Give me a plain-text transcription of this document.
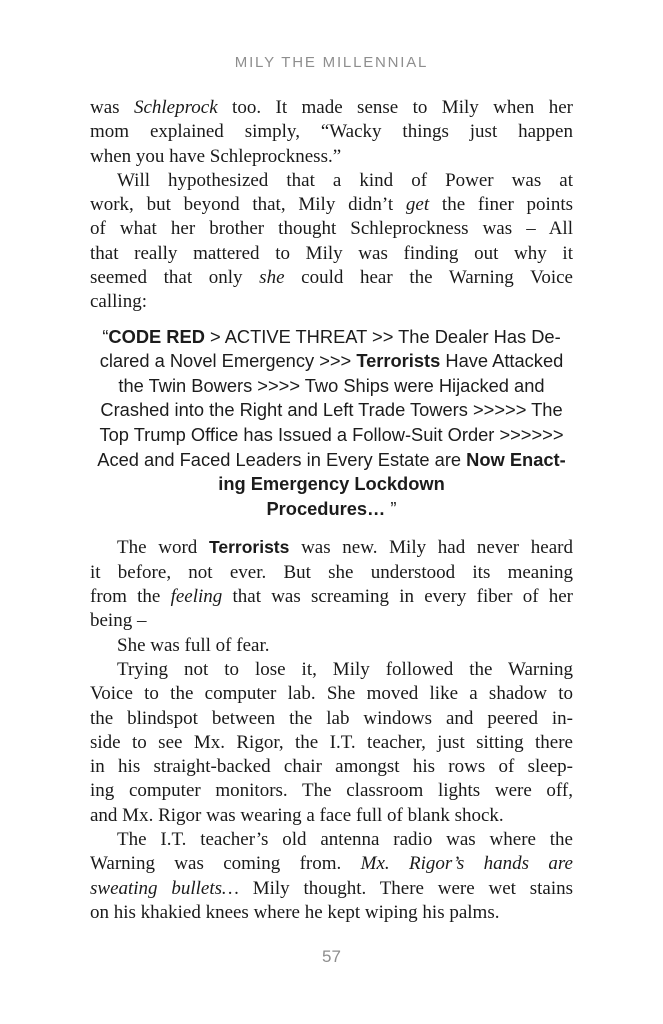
MILY THE MILLENNIAL
was Schleprock too. It made sense to Mily when her
mom explained simply, “Wacky things just happen
when you have Schleprockness.”
Will hypothesized that a kind of Power was at
work, but beyond that, Mily didn’t get the finer points
of what her brother thought Schleprockness was – All
that really mattered to Mily was finding out why it
seemed that only she could hear the Warning Voice
calling:
“CODE RED > ACTIVE THREAT >> The Dealer Has De-
clared a Novel Emergency >>> Terrorists Have Attacked
the Twin Bowers >>>> Two Ships were Hijacked and
Crashed into the Right and Left Trade Towers >>>>> The
Top Trump Office has Issued a Follow-Suit Order >>>>>>
Aced and Faced Leaders in Every Estate are Now Enact-
ing Emergency Lockdown
Procedures… ”
The word Terrorists was new. Mily had never heard
it before, not ever. But she understood its meaning
from the feeling that was screaming in every fiber of her
being –
She was full of fear.
Trying not to lose it, Mily followed the Warning
Voice to the computer lab. She moved like a shadow to
the blindspot between the lab windows and peered in-
side to see Mx. Rigor, the I.T. teacher, just sitting there
in his straight-backed chair amongst his rows of sleep-
ing computer monitors. The classroom lights were off,
and Mx. Rigor was wearing a face full of blank shock.
The I.T. teacher’s old antenna radio was where the
Warning was coming from. Mx. Rigor’s hands are
sweating bullets… Mily thought. There were wet stains
on his khakied knees where he kept wiping his palms.
57
